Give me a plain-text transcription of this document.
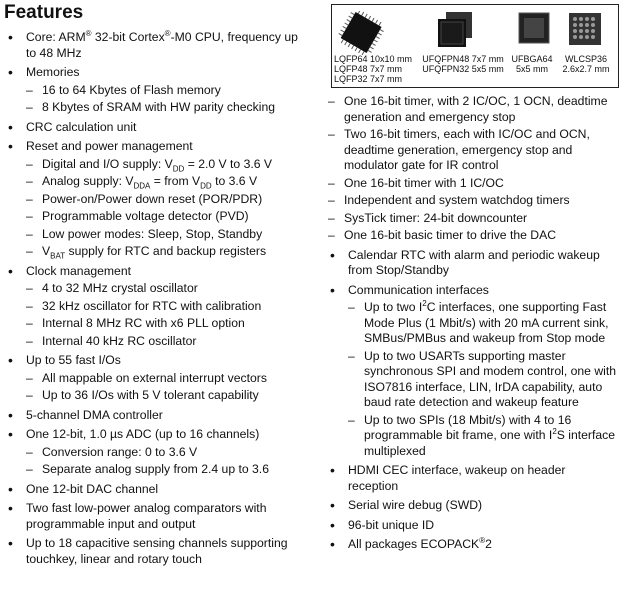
Features
LQFP64 10x10 mm
LQFP48 7x7 mm
LQFP32 7x7 mm
UFQFPN48 7x7 mm
UFQFPN32 5x5 mm
UFBGA64
5x5 mm
WLCSP36
2.6x2.7 mm
• Core: ARM® 32-bit Cortex®-M0 CPU, frequency up to 48 MHz
• Memories
– 16 to 64 Kbytes of Flash memory
– 8 Kbytes of SRAM with HW parity checking
• CRC calculation unit
• Reset and power management
– Digital and I/O supply: $V_{DD} = 2.0$ V to 3.6 V
– Analog supply: $V_{DDA}$ = from $V_{DD}$ to 3.6 V
– Power-on/Power down reset (POR/PDR)
– Programmable voltage detector (PVD)
– Low power modes: Sleep, Stop, Standby
– $V_{BAT}$ supply for RTC and backup registers
• Clock management
– 4 to 32 MHz crystal oscillator
– 32 kHz oscillator for RTC with calibration
– Internal 8 MHz RC with x6 PLL option
– Internal 40 kHz RC oscillator
• Up to 55 fast I/Os
– All mappable on external interrupt vectors
– Up to 36 I/Os with 5 V tolerant capability
• 5-channel DMA controller
• One 12-bit, 1.0 µs ADC (up to 16 channels)
– Conversion range: 0 to 3.6 V
– Separate analog supply from 2.4 up to 3.6
• One 12-bit DAC channel
• Two fast low-power analog comparators with programmable input and output
• Up to 18 capacitive sensing channels supporting touchkey, linear and rotary touch
– One 16-bit timer, with 2 IC/OC, 1 OCN, deadtime generation and emergency stop
– Two 16-bit timers, each with IC/OC and OCN, deadtime generation, emergency stop and modulator gate for IR control
– One 16-bit timer with 1 IC/OC
– Independent and system watchdog timers
– SysTick timer: 24-bit downcounter
– One 16-bit basic timer to drive the DAC
• Calendar RTC with alarm and periodic wakeup from Stop/Standby
• Communication interfaces
– Up to two $I^2C$ interfaces, one supporting Fast Mode Plus (1 Mbit/s) with 20 mA current sink, SMBus/PMBus and wakeup from Stop mode
– Up to two USARTs supporting master synchronous SPI and modem control, one with ISO7816 interface, LIN, IrDA capability, auto baud rate detection and wakeup feature
– Up to two SPIs (18 Mbit/s) with 4 to 16 programmable bit frame, one with $I^2S$ interface multiplexed
• HDMI CEC interface, wakeup on header reception
• Serial wire debug (SWD)
• 96-bit unique ID
• All packages ECOPACK®2
